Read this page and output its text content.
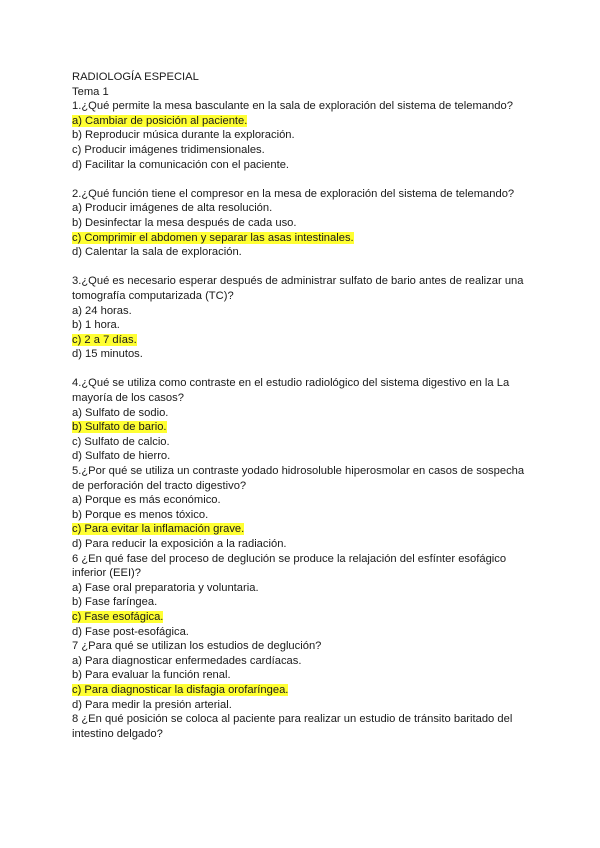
RADIOLOGÍA ESPECIAL
Tema 1
1.¿Qué permite la mesa basculante en la sala de exploración del sistema de telemando?
a) Cambiar de posición al paciente.
b) Reproducir música durante la exploración.
c) Producir imágenes tridimensionales.
d) Facilitar la comunicación con el paciente.
2.¿Qué función tiene el compresor en la mesa de exploración del sistema de telemando?
a) Producir imágenes de alta resolución.
b) Desinfectar la mesa después de cada uso.
c) Comprimir el abdomen y separar las asas intestinales.
d) Calentar la sala de exploración.
3.¿Qué es necesario esperar después de administrar sulfato de bario antes de realizar una tomografía computarizada (TC)?
a) 24 horas.
b) 1 hora.
c) 2 a 7 días.
d) 15 minutos.
4.¿Qué se utiliza como contraste en el estudio radiológico del sistema digestivo en la La mayoría de los casos?
a) Sulfato de sodio.
b) Sulfato de bario.
c) Sulfato de calcio.
d) Sulfato de hierro.
5.¿Por qué se utiliza un contraste yodado hidrosoluble hiperosmolar en casos de sospecha de perforación del tracto digestivo?
a) Porque es más económico.
b) Porque es menos tóxico.
c) Para evitar la inflamación grave.
d) Para reducir la exposición a la radiación.
6 ¿En qué fase del proceso de deglución se produce la relajación del esfínter esofágico inferior (EEI)?
a) Fase oral preparatoria y voluntaria.
b) Fase faríngea.
c) Fase esofágica.
d) Fase post-esofágica.
7 ¿Para qué se utilizan los estudios de deglución?
a) Para diagnosticar enfermedades cardíacas.
b) Para evaluar la función renal.
c) Para diagnosticar la disfagia orofaríngea.
d) Para medir la presión arterial.
8 ¿En qué posición se coloca al paciente para realizar un estudio de tránsito baritado del intestino delgado?
